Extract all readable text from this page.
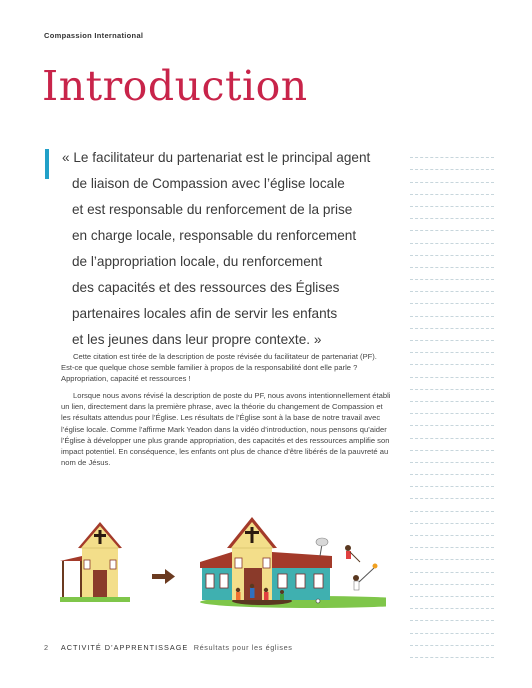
Compassion International
Introduction
« Le facilitateur du partenariat est le principal agent
de liaison de Compassion avec l’église locale
et est responsable du renforcement de la prise
en charge locale, responsable du renforcement
de l’appropriation locale, du renforcement
des capacités et des ressources des Églises
partenaires locales afin de servir les enfants
et les jeunes dans leur propre contexte. »

Cette citation est tirée de la description de poste révisée du facilitateur de partenariat (PF). Est-ce que quelque chose semble familier à propos de la responsabilité dont elle parle ? Appropriation, capacité et ressources !

Lorsque nous avons révisé la description de poste du PF, nous avons intentionnellement établi un lien, directement dans la première phrase, avec la théorie du changement de Compassion et les résultats attendus pour l’Église. Les résultats de l’Église sont à la base de notre travail avec l’église locale. Comme l’affirme Mark Yeadon dans la vidéo d’introduction, nous pensons qu’aider l’Église à développer une plus grande appropriation, des capacités et des ressources amplifie son impact potentiel. En conséquence, les enfants ont plus de chance d’être libérés de la pauvreté au nom de Jésus.

2 ACTIVITÉ D’APPRENTISSAGE Résultats pour les églises
